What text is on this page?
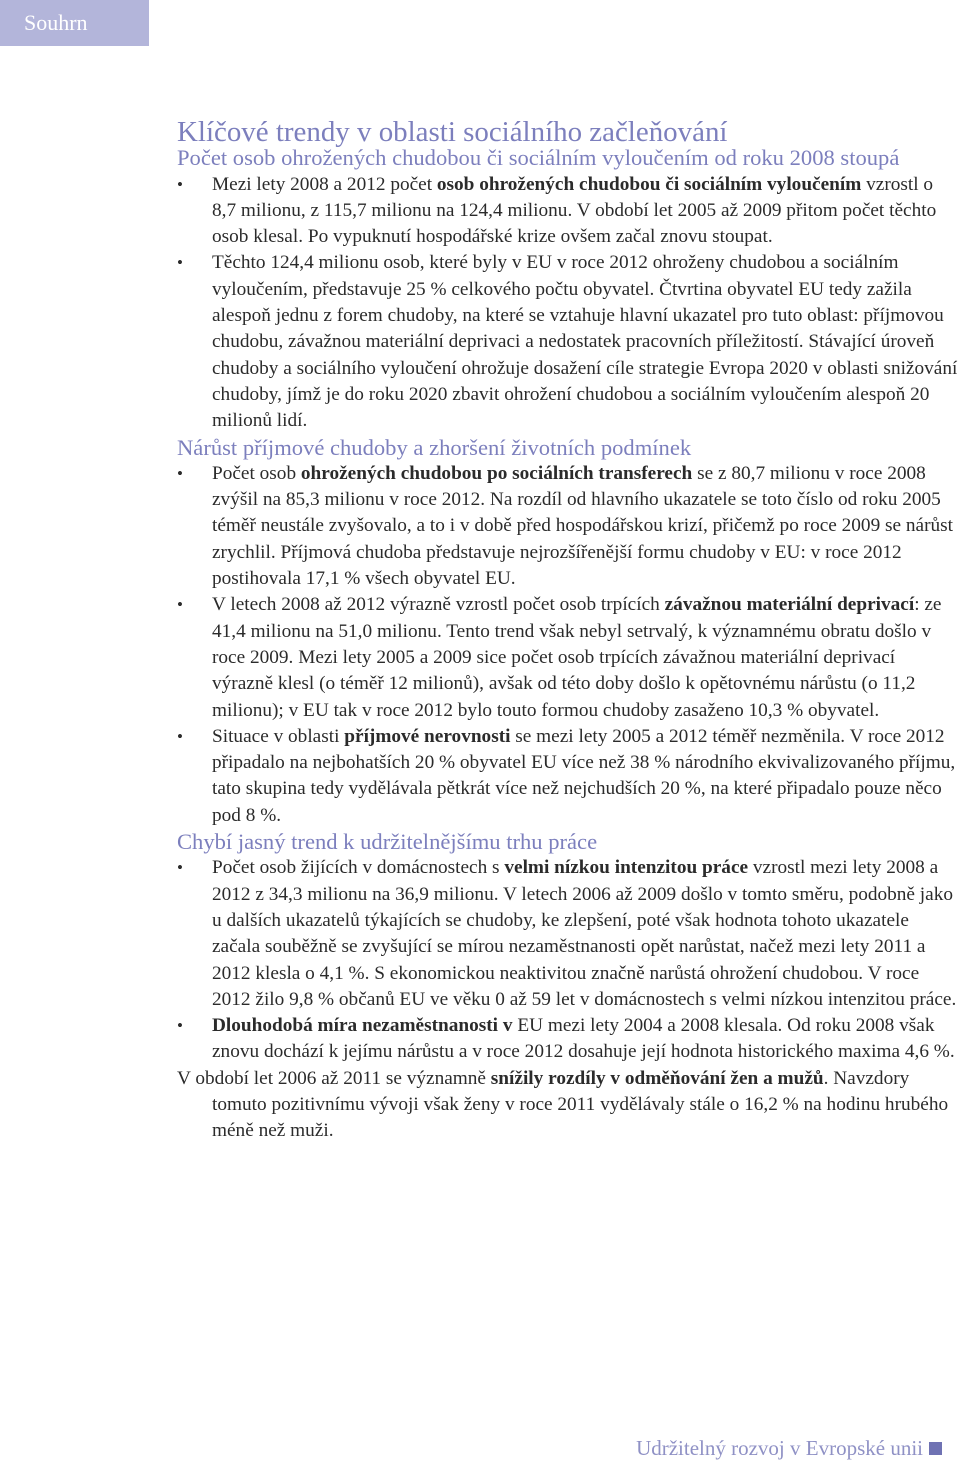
Souhrn
Klíčové trendy v oblasti sociálního začleňování
Počet osob ohrožených chudobou či sociálním vyloučením od roku 2008 stoupá
• Mezi lety 2008 a 2012 počet osob ohrožených chudobou či sociálním vyloučením vzrostl o 8,7 milionu, z 115,7 milionu na 124,4 milionu. V období let 2005 až 2009 přitom počet těchto osob klesal. Po vypuknutí hospodářské krize ovšem začal znovu stoupat.
• Těchto 124,4 milionu osob, které byly v EU v roce 2012 ohroženy chudobou a sociálním vyloučením, představuje 25 % celkového počtu obyvatel. Čtvrtina obyvatel EU tedy zažila alespoň jednu z forem chudoby, na které se vztahuje hlavní ukazatel pro tuto oblast: příjmovou chudobu, závažnou materiální deprivaci a nedostatek pracovních příležitostí. Stávající úroveň chudoby a sociálního vyloučení ohrožuje dosažení cíle strategie Evropa 2020 v oblasti snižování chudoby, jímž je do roku 2020 zbavit ohrožení chudobou a sociálním vyloučením alespoň 20 milionů lidí.
Nárůst příjmové chudoby a zhoršení životních podmínek
• Počet osob ohrožených chudobou po sociálních transferech se z 80,7 milionu v roce 2008 zvýšil na 85,3 milionu v roce 2012. Na rozdíl od hlavního ukazatele se toto číslo od roku 2005 téměř neustále zvyšovalo, a to i v době před hospodářskou krizí, přičemž po roce 2009 se nárůst zrychlil. Příjmová chudoba představuje nejrozšířenější formu chudoby v EU: v roce 2012 postihovala 17,1 % všech obyvatel EU.
• V letech 2008 až 2012 výrazně vzrostl počet osob trpících závažnou materiální deprivací: ze 41,4 milionu na 51,0 milionu. Tento trend však nebyl setrvalý, k významnému obratu došlo v roce 2009. Mezi lety 2005 a 2009 sice počet osob trpících závažnou materiální deprivací výrazně klesl (o téměř 12 milionů), avšak od této doby došlo k opětovnému nárůstu (o 11,2 milionu); v EU tak v roce 2012 bylo touto formou chudoby zasaženo 10,3 % obyvatel.
• Situace v oblasti příjmové nerovnosti se mezi lety 2005 a 2012 téměř nezměnila. V roce 2012 připadalo na nejbohatších 20 % obyvatel EU více než 38 % národního ekvivalizovaného příjmu, tato skupina tedy vydělávala pětkrát více než nejchudších 20 %, na které připadalo pouze něco pod 8 %.
Chybí jasný trend k udržitelnějšímu trhu práce
• Počet osob žijících v domácnostech s velmi nízkou intenzitou práce vzrostl mezi lety 2008 a 2012 z 34,3 milionu na 36,9 milionu. V letech 2006 až 2009 došlo v tomto směru, podobně jako u dalších ukazatelů týkajících se chudoby, ke zlepšení, poté však hodnota tohoto ukazatele začala souběžně se zvyšující se mírou nezaměstnanosti opět narůstat, načež mezi lety 2011 a 2012 klesla o 4,1 %. S ekonomickou neaktivitou značně narůstá ohrožení chudobou. V roce 2012 žilo 9,8 % občanů EU ve věku 0 až 59 let v domácnostech s velmi nízkou intenzitou práce.
• Dlouhodobá míra nezaměstnanosti v EU mezi lety 2004 a 2008 klesala. Od roku 2008 však znovu dochází k jejímu nárůstu a v roce 2012 dosahuje její hodnota historického maxima 4,6 %.

V období let 2006 až 2011 se významně snížily rozdíly v odměňování žen a mužů. Navzdory tomuto pozitivnímu vývoji však ženy v roce 2011 vydělávaly stále o 16,2 % na hodinu hrubého méně než muži.

Udržitelný rozvoj v Evropské unii
